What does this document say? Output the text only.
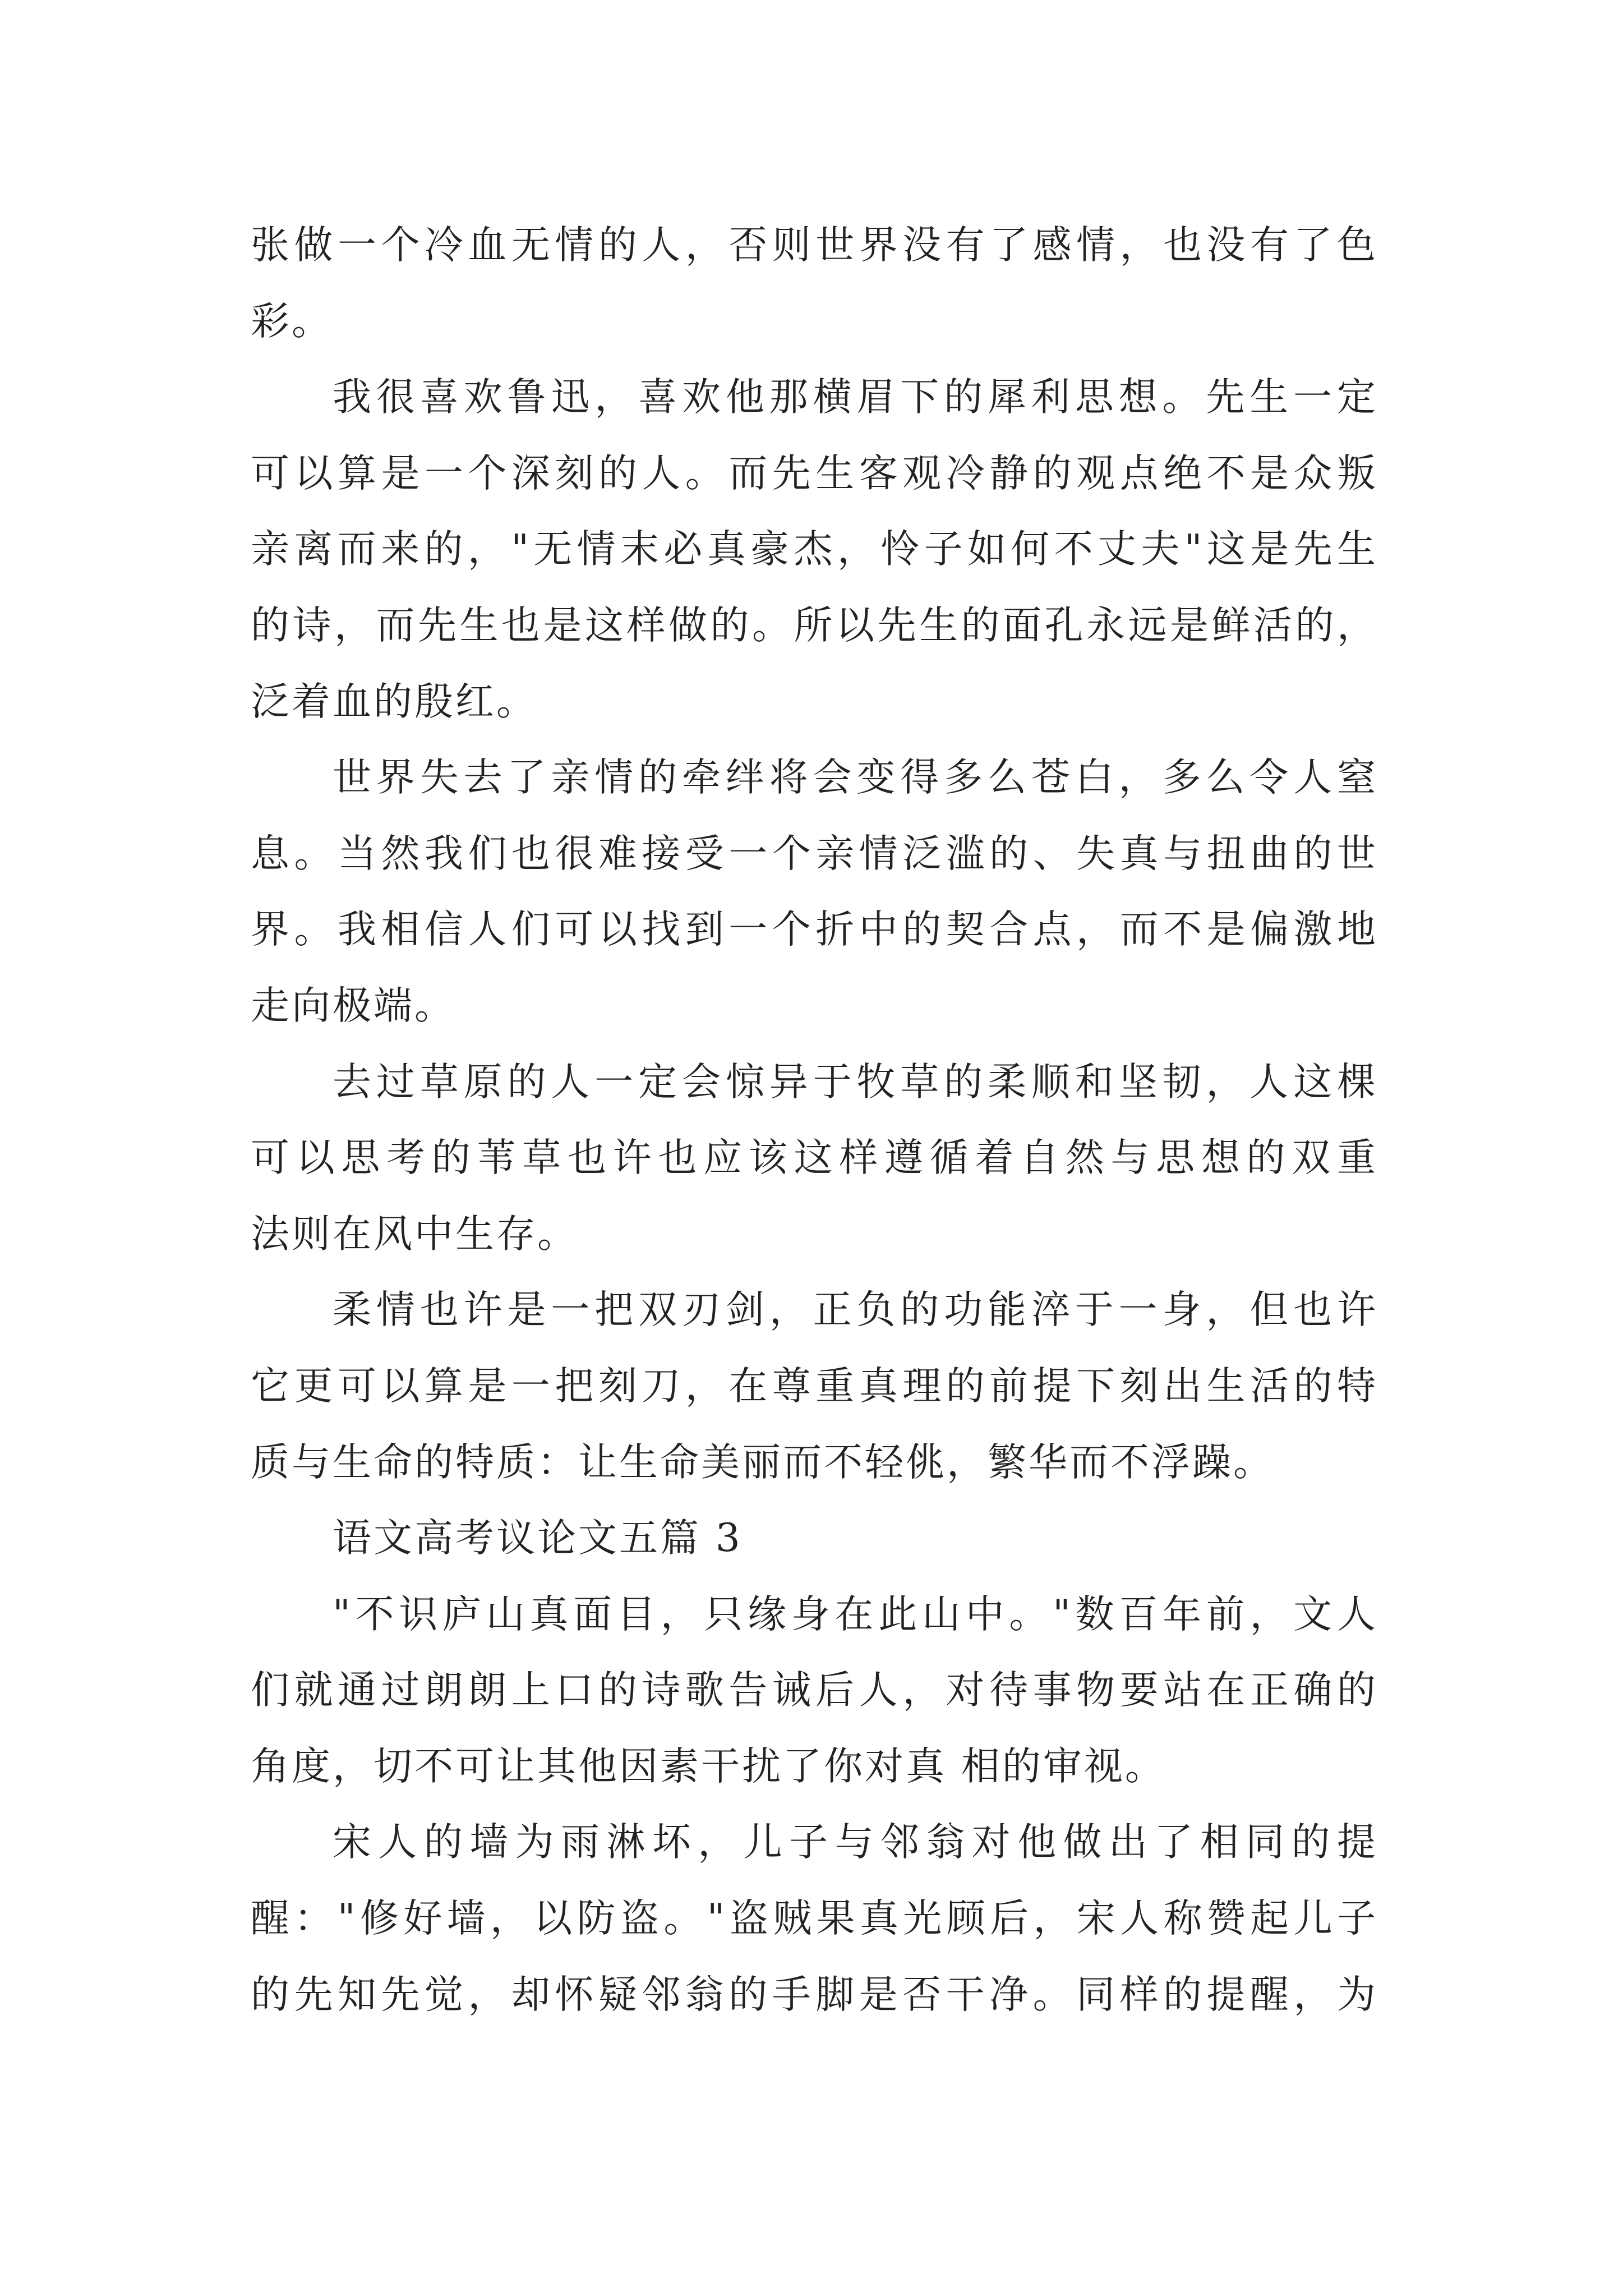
张做一个冷血无情的人，否则世界没有了感情，也没有了色
彩。
我很喜欢鲁迅，喜欢他那横眉下的犀利思想。先生一定
可以算是一个深刻的人。而先生客观冷静的观点绝不是众叛
亲离而来的，"无情末必真豪杰，怜子如何不丈夫"这是先生
的诗，而先生也是这样做的。所以先生的面孔永远是鲜活的，
泛着血的殷红。
世界失去了亲情的牵绊将会变得多么苍白，多么令人窒
息。当然我们也很难接受一个亲情泛滥的、失真与扭曲的世
界。我相信人们可以找到一个折中的契合点，而不是偏激地
走向极端。
去过草原的人一定会惊异于牧草的柔顺和坚韧，人这棵
可以思考的苇草也许也应该这样遵循着自然与思想的双重
法则在风中生存。
柔情也许是一把双刃剑，正负的功能淬于一身，但也许
它更可以算是一把刻刀，在尊重真理的前提下刻出生活的特
质与生命的特质：让生命美丽而不轻佻，繁华而不浮躁。
语文高考议论文五篇 3
"不识庐山真面目，只缘身在此山中。"数百年前，文人
们就通过朗朗上口的诗歌告诫后人，对待事物要站在正确的
角度，切不可让其他因素干扰了你对真 相的审视。
宋人的墙为雨淋坏，儿子与邻翁对他做出了相同的提
醒："修好墙，以防盗。"盗贼果真光顾后，宋人称赞起儿子
的先知先觉，却怀疑邻翁的手脚是否干净。同样的提醒，为
